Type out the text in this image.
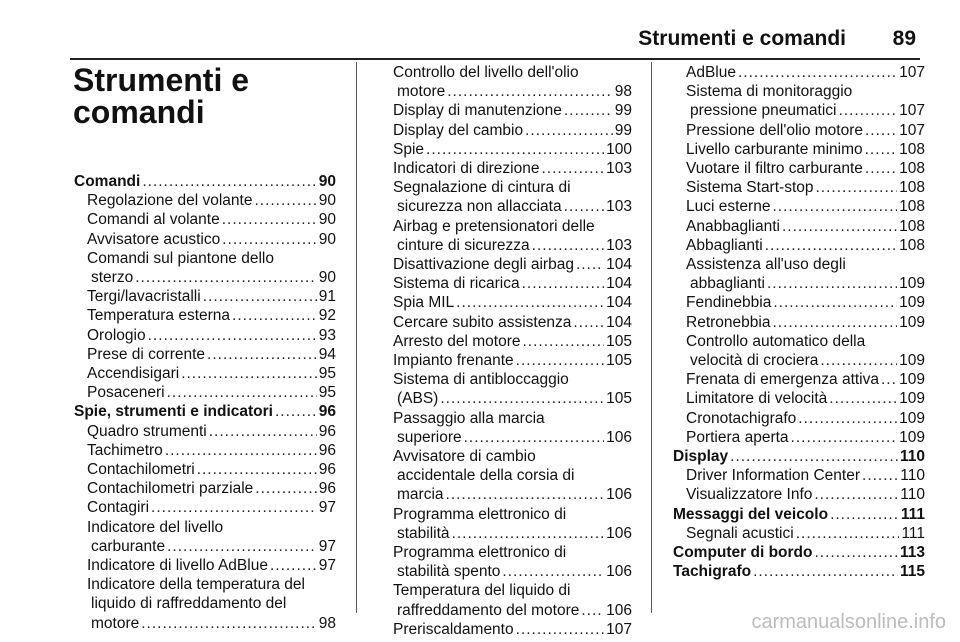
Strumenti e comandi 89
Strumenti e
comandi
Comandi .....	90
Regolazione del volante .....	90
Comandi al volante .....	90
Avvisatore acustico .....	90
Comandi sul piantone dello
sterzo .....	90
Tergi/lavacristalli .....	91
Temperatura esterna .....	92
Orologio .....	93
Prese di corrente .....	94
Accendisigari .....	95
Posaceneri .....	95
Spie, strumenti e indicatori .....	96
Quadro strumenti .....	96
Tachimetro .....	96
Contachilometri .....	96
Contachilometri parziale .....	96
Contagiri .....	97
Indicatore del livello
carburante .....	97
Indicatore di livello AdBlue .....	97
Indicatore della temperatura del
liquido di raffreddamento del
motore .....	98
Controllo del livello dell'olio
motore .....	98
Display di manutenzione .....	99
Display del cambio .....	99
Spie .....	100
Indicatori di direzione .....	103
Segnalazione di cintura di
sicurezza non allacciata .....	103
Airbag e pretensionatori delle
cinture di sicurezza .....	103
Disattivazione degli airbag ..... 104
Sistema di ricarica .....	104
Spia MIL .....	104
Cercare subito assistenza ..... 104
Arresto del motore .....	105
Impianto frenante .....	105
Sistema di antibloccaggio
(ABS) .....	105
Passaggio alla marcia
superiore .....	106
Avvisatore di cambio
accidentale della corsia di
marcia .....	106
Programma elettronico di
stabilità .....	106
Programma elettronico di
stabilità spento .....	106
Temperatura del liquido di
raffreddamento del motore ..... 106
Preriscaldamento .....	107
AdBlue .....	107
Sistema di monitoraggio
pressione pneumatici .....	107
Pressione dell'olio motore ..... 107
Livello carburante minimo ..... 108
Vuotare il filtro carburante ..... 108
Sistema Start-stop .....	108
Luci esterne .....	108
Anabbaglianti .....	108
Abbaglianti .....	108
Assistenza all'uso degli
abbaglianti .....	109
Fendinebbia .....	109
Retronebbia .....	109
Controllo automatico della
velocità di crociera .....	109
Frenata di emergenza attiva ..... 109
Limitatore di velocità .....	109
Cronotachigrafo .....	109
Portiera aperta .....	109
Display .....	110
Driver Information Center .....	110
Visualizzatore Info .....	110
Messaggi del veicolo .....	111
Segnali acustici .....	111
Computer di bordo .....	113
Tachigrafo .....	115
carmanualsonline.info
